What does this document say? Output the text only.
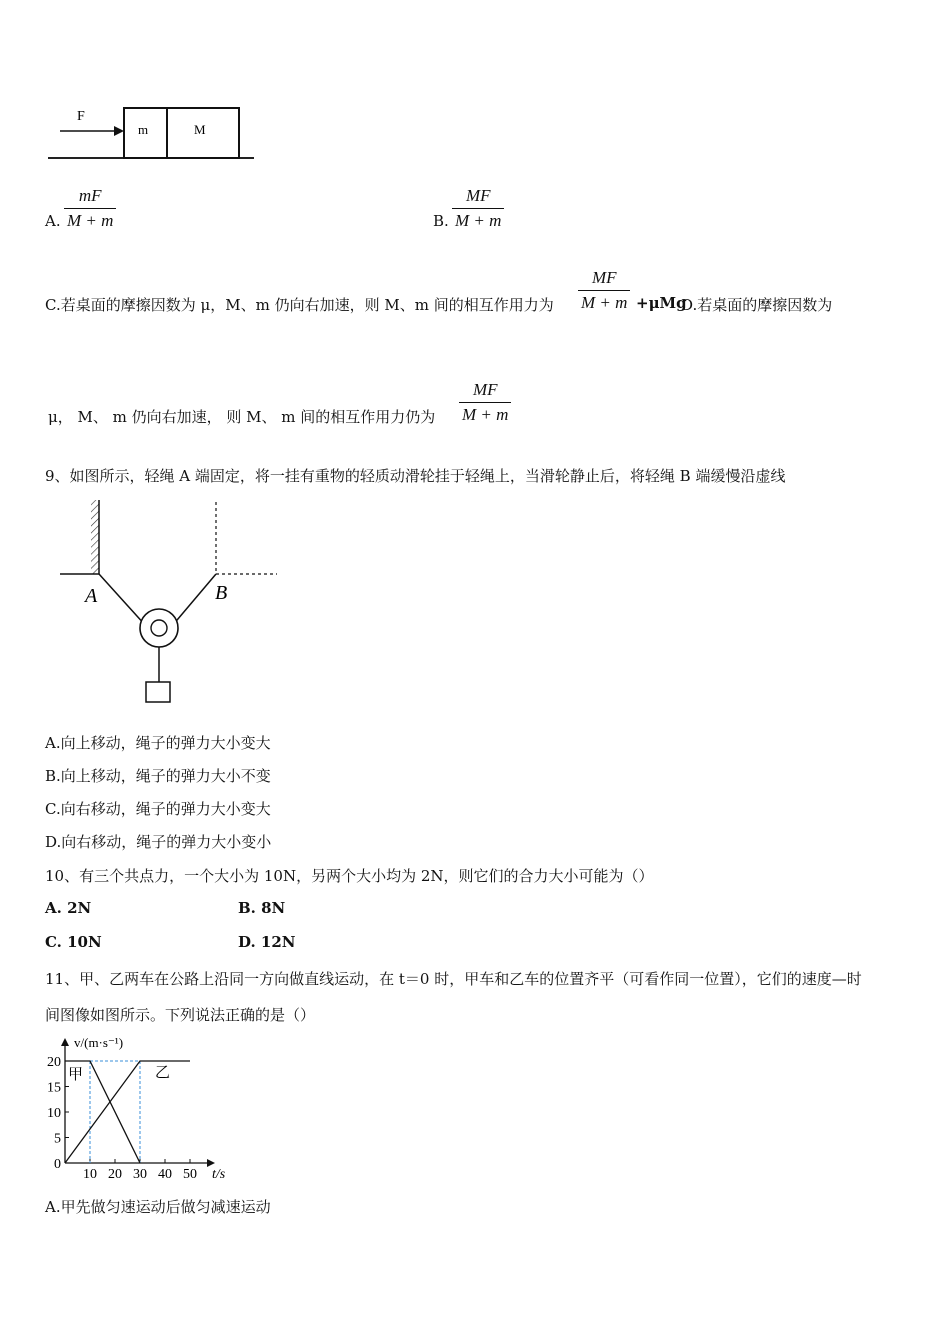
F
m	M
A. $\frac{mF}{M + m}$	B. $\frac{MF}{M + m}$
C.若桌面的摩擦因数为 μ，M、m 仍向右加速，则 M、m 间的相互作用力为 $\frac{MF}{M + m} +\mu Mg$
D.若桌面的摩擦因数为
μ， M、 m 仍向右加速， 则 M、 m 间的相互作用力仍为 $\frac{MF}{M + m}$
9、如图所示，轻绳 A 端固定，将一挂有重物的轻质动滑轮挂于轻绳上，当滑轮静止后，将轻绳 B 端缓慢沿虚线
A	B
A.向上移动，绳子的弹力大小变大
B.向上移动，绳子的弹力大小不变
C.向右移动，绳子的弹力大小变大
D.向右移动，绳子的弹力大小变小
10、有三个共点力，一个大小为 10N，另两个大小均为 2N，则它们的合力大小可能为（）
A. 2N	B. 8N
C. 10N	D. 12N
11、甲、乙两车在公路上沿同一方向做直线运动，在 t＝0 时，甲车和乙车的位置齐平（可看作同一位置），它们的速度—时
间图像如图所示。下列说法正确的是（）
0
5
10
15
20
10 20 30 40 50
甲	乙
v/(m·s⁻¹)
t/s
A.甲先做匀速运动后做匀减速运动
